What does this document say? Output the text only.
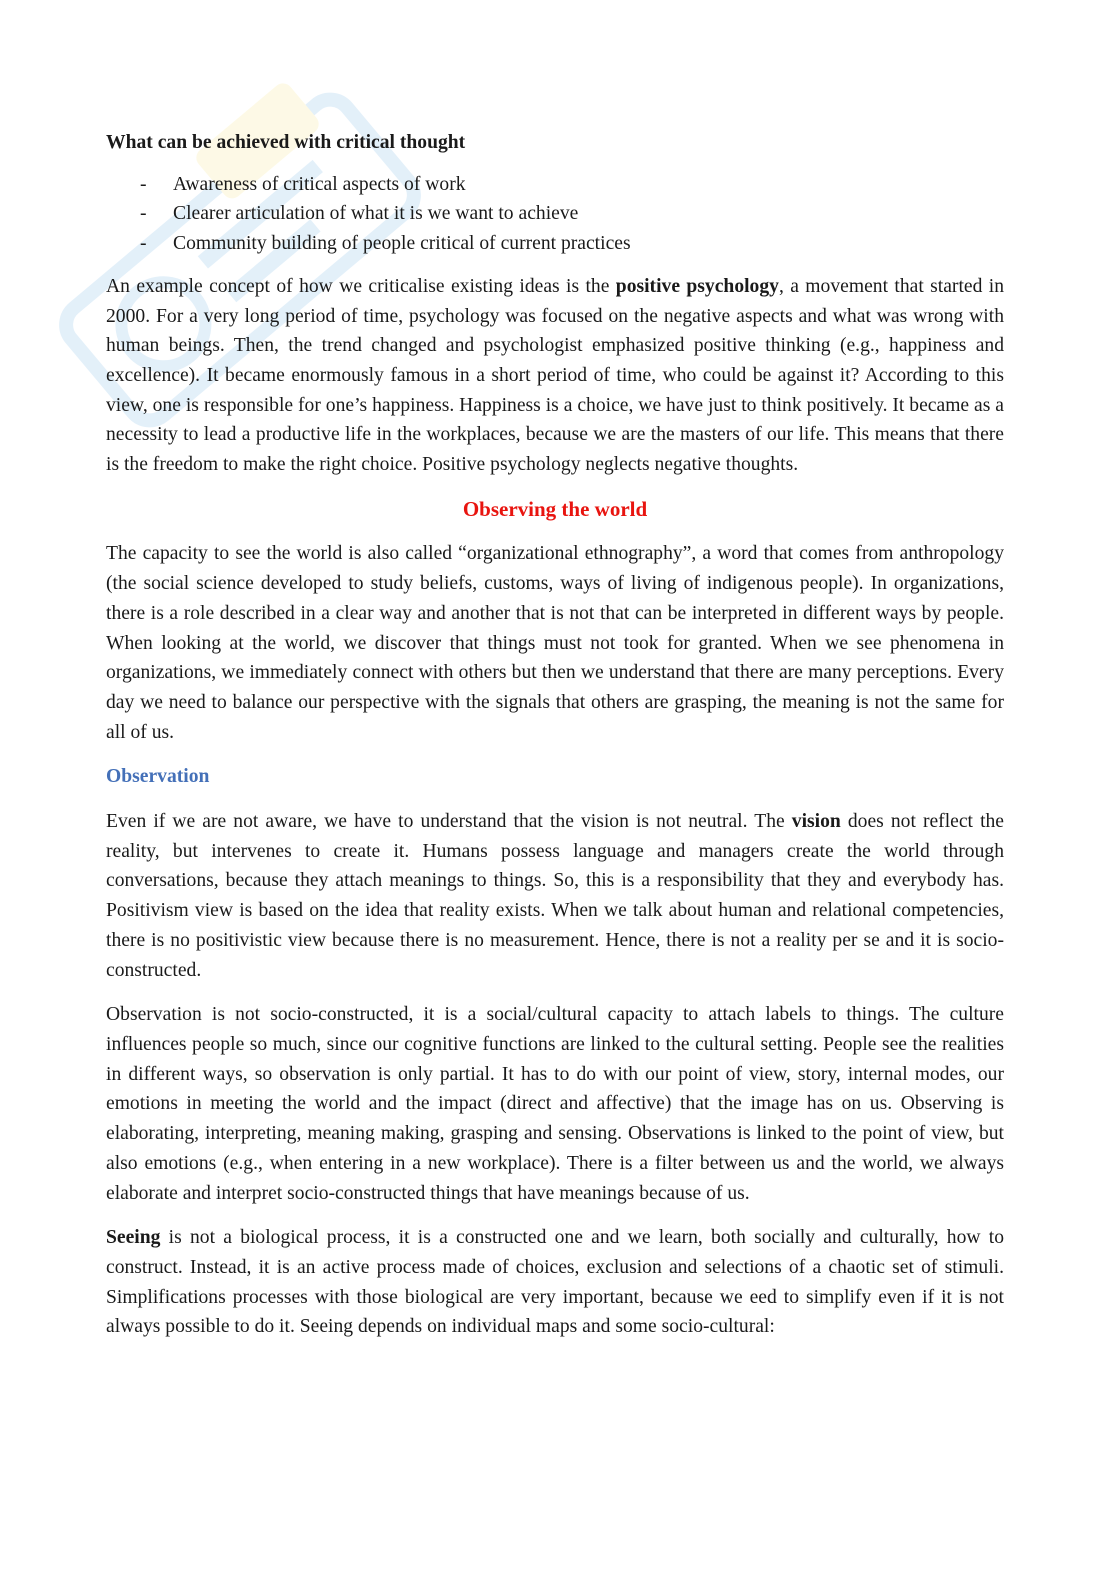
What can be achieved with critical thought
- Awareness of critical aspects of work
- Clearer articulation of what it is we want to achieve
- Community building of people critical of current practices

An example concept of how we criticalise existing ideas is the positive psychology, a movement that started in 2000. For a very long period of time, psychology was focused on the negative aspects and what was wrong with human beings. Then, the trend changed and psychologist emphasized positive thinking (e.g., happiness and excellence). It became enormously famous in a short period of time, who could be against it? According to this view, one is responsible for one’s happiness. Happiness is a choice, we have just to think positively. It became as a necessity to lead a productive life in the workplaces, because we are the masters of our life. This means that there is the freedom to make the right choice. Positive psychology neglects negative thoughts.

Observing the world

The capacity to see the world is also called “organizational ethnography”, a word that comes from anthropology (the social science developed to study beliefs, customs, ways of living of indigenous people). In organizations, there is a role described in a clear way and another that is not that can be interpreted in different ways by people. When looking at the world, we discover that things must not took for granted. When we see phenomena in organizations, we immediately connect with others but then we understand that there are many perceptions. Every day we need to balance our perspective with the signals that others are grasping, the meaning is not the same for all of us.

Observation

Even if we are not aware, we have to understand that the vision is not neutral. The vision does not reflect the reality, but intervenes to create it. Humans possess language and managers create the world through conversations, because they attach meanings to things. So, this is a responsibility that they and everybody has. Positivism view is based on the idea that reality exists. When we talk about human and relational competencies, there is no positivistic view because there is no measurement. Hence, there is not a reality per se and it is socio-constructed.

Observation is not socio-constructed, it is a social/cultural capacity to attach labels to things. The culture influences people so much, since our cognitive functions are linked to the cultural setting. People see the realities in different ways, so observation is only partial. It has to do with our point of view, story, internal modes, our emotions in meeting the world and the impact (direct and affective) that the image has on us. Observing is elaborating, interpreting, meaning making, grasping and sensing. Observations is linked to the point of view, but also emotions (e.g., when entering in a new workplace). There is a filter between us and the world, we always elaborate and interpret socio-constructed things that have meanings because of us.

Seeing is not a biological process, it is a constructed one and we learn, both socially and culturally, how to construct. Instead, it is an active process made of choices, exclusion and selections of a chaotic set of stimuli. Simplifications processes with those biological are very important, because we eed to simplify even if it is not always possible to do it. Seeing depends on individual maps and some socio-cultural:
